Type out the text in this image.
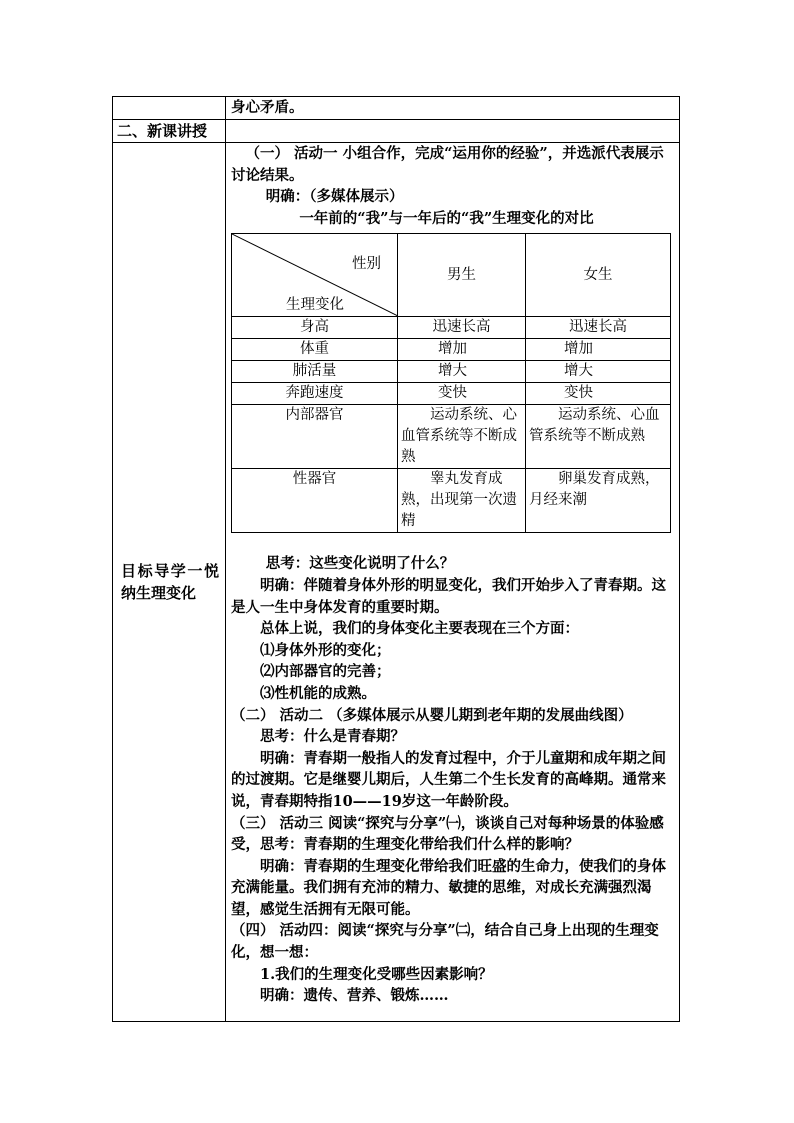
身心矛盾。

二、新课讲授

目标导学一悦纳生理变化

（一） 活动一 小组合作，完成“运用你的经验”，并选派代表展示讨论结果。

明确：（多媒体展示）

一年前的“我”与一年后的“我”生理变化的对比

性别
生理变化
	男生	女生
身高	迅速长高	迅速长高
体重	增加	增加
肺活量	增大	增大
奔跑速度	变快	变快
内部器官	运动系统、心血管系统等不断成熟	运动系统、心血管系统等不断成熟
性器官	睾丸发育成熟，出现第一次遗精	卵巢发育成熟，月经来潮

思考：这些变化说明了什么？

明确：伴随着身体外形的明显变化，我们开始步入了青春期。这是人一生中身体发育的重要时期。

总体上说，我们的身体变化主要表现在三个方面：

⑴身体外形的变化；

⑵内部器官的完善；

⑶性机能的成熟。

（二） 活动二 （多媒体展示从婴儿期到老年期的发展曲线图）

思考：什么是青春期？

明确：青春期一般指人的发育过程中，介于儿童期和成年期之间的过渡期。它是继婴儿期后，人生第二个生长发育的高峰期。通常来说，青春期特指10——19岁这一年龄阶段。

（三） 活动三 阅读“探究与分享”㈠，谈谈自己对每种场景的体验感受，思考：青春期的生理变化带给我们什么样的影响？

明确：青春期的生理变化带给我们旺盛的生命力，使我们的身体充满能量。我们拥有充沛的精力、敏捷的思维，对成长充满强烈渴望，感觉生活拥有无限可能。

（四） 活动四：阅读“探究与分享”㈡，结合自己身上出现的生理变化，想一想：

1.我们的生理变化受哪些因素影响？

明确：遗传、营养、锻炼……
